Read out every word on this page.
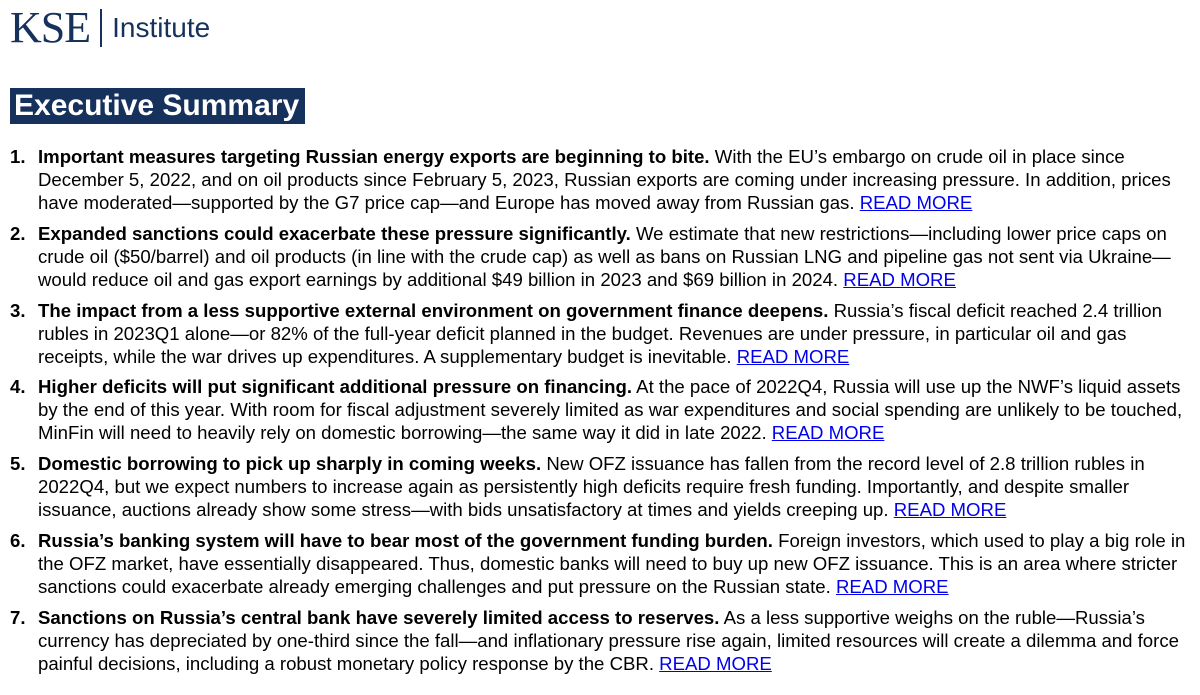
KSE Institute
Executive Summary
1. Important measures targeting Russian energy exports are beginning to bite. With the EU’s embargo on crude oil in place since December 5, 2022, and on oil products since February 5, 2023, Russian exports are coming under increasing pressure. In addition, prices have moderated—supported by the G7 price cap—and Europe has moved away from Russian gas. READ MORE
2. Expanded sanctions could exacerbate these pressure significantly. We estimate that new restrictions—including lower price caps on crude oil ($50/barrel) and oil products (in line with the crude cap) as well as bans on Russian LNG and pipeline gas not sent via Ukraine—would reduce oil and gas export earnings by additional $49 billion in 2023 and $69 billion in 2024. READ MORE
3. The impact from a less supportive external environment on government finance deepens. Russia’s fiscal deficit reached 2.4 trillion rubles in 2023Q1 alone—or 82% of the full-year deficit planned in the budget. Revenues are under pressure, in particular oil and gas receipts, while the war drives up expenditures. A supplementary budget is inevitable. READ MORE
4. Higher deficits will put significant additional pressure on financing. At the pace of 2022Q4, Russia will use up the NWF’s liquid assets by the end of this year. With room for fiscal adjustment severely limited as war expenditures and social spending are unlikely to be touched, MinFin will need to heavily rely on domestic borrowing—the same way it did in late 2022. READ MORE
5. Domestic borrowing to pick up sharply in coming weeks. New OFZ issuance has fallen from the record level of 2.8 trillion rubles in 2022Q4, but we expect numbers to increase again as persistently high deficits require fresh funding. Importantly, and despite smaller issuance, auctions already show some stress—with bids unsatisfactory at times and yields creeping up. READ MORE
6. Russia’s banking system will have to bear most of the government funding burden. Foreign investors, which used to play a big role in the OFZ market, have essentially disappeared. Thus, domestic banks will need to buy up new OFZ issuance. This is an area where stricter sanctions could exacerbate already emerging challenges and put pressure on the Russian state. READ MORE
7. Sanctions on Russia’s central bank have severely limited access to reserves. As a less supportive weighs on the ruble—Russia’s currency has depreciated by one-third since the fall—and inflationary pressure rise again, limited resources will create a dilemma and force painful decisions, including a robust monetary policy response by the CBR. READ MORE
